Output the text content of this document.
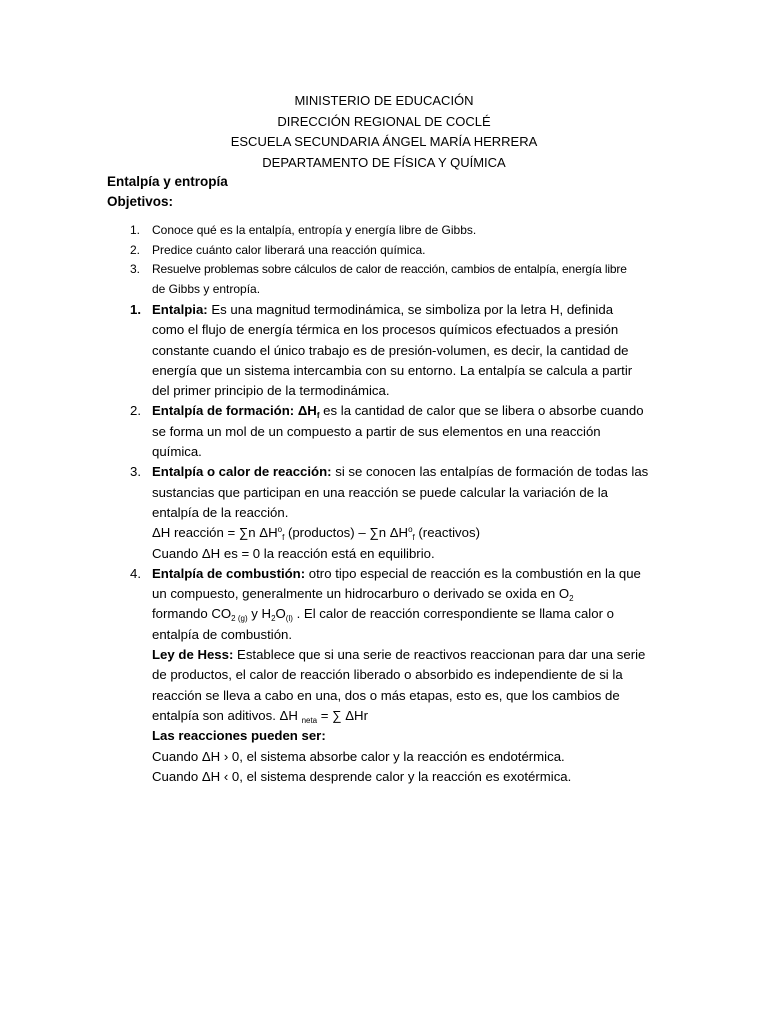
MINISTERIO DE EDUCACIÓN
DIRECCIÓN REGIONAL DE COCLÉ
ESCUELA SECUNDARIA ÁNGEL MARÍA HERRERA
DEPARTAMENTO DE FÍSICA Y QUÍMICA
Entalpía y entropía
Objetivos:
1. Conoce qué es la entalpía, entropía y energía libre de Gibbs.
2. Predice cuánto calor liberará una reacción química.
3. Resuelve problemas sobre cálculos de calor de reacción, cambios de entalpía, energía libre
de Gibbs y entropía.
1. Entalpia: Es una magnitud termodinámica, se simboliza por la letra H, definida
como el flujo de energía térmica en los procesos químicos efectuados a presión
constante cuando el único trabajo es de presión-volumen, es decir, la cantidad de
energía que un sistema intercambia con su entorno. La entalpía se calcula a partir
del primer principio de la termodinámica.
2. Entalpía de formación: $\Delta H_f$ es la cantidad de calor que se libera o absorbe cuando
se forma un mol de un compuesto a partir de sus elementos en una reacción
química.
3. Entalpía o calor de reacción: si se conocen las entalpías de formación de todas las
sustancias que participan en una reacción se puede calcular la variación de la
entalpía de la reacción.
ΔH reacción = ∑n $\Delta H^o_f$ (productos) – ∑n $\Delta H^o_f$ (reactivos)
Cuando ΔH es = 0 la reacción está en equilibrio.
4. Entalpía de combustión: otro tipo especial de reacción es la combustión en la que
un compuesto, generalmente un hidrocarburo o derivado se oxida en $O_2$
formando $CO_{2 (g)}$ y $H_2O_{(l)}$ . El calor de reacción correspondiente se llama calor o
entalpía de combustión.
Ley de Hess: Establece que si una serie de reactivos reaccionan para dar una serie
de productos, el calor de reacción liberado o absorbido es independiente de si la
reacción se lleva a cabo en una, dos o más etapas, esto es, que los cambios de
entalpía son aditivos. ΔH $_{neta}$ = ∑ ΔHr
Las reacciones pueden ser:
Cuando ΔH › 0, el sistema absorbe calor y la reacción es endotérmica.
Cuando ΔH ‹ 0, el sistema desprende calor y la reacción es exotérmica.
